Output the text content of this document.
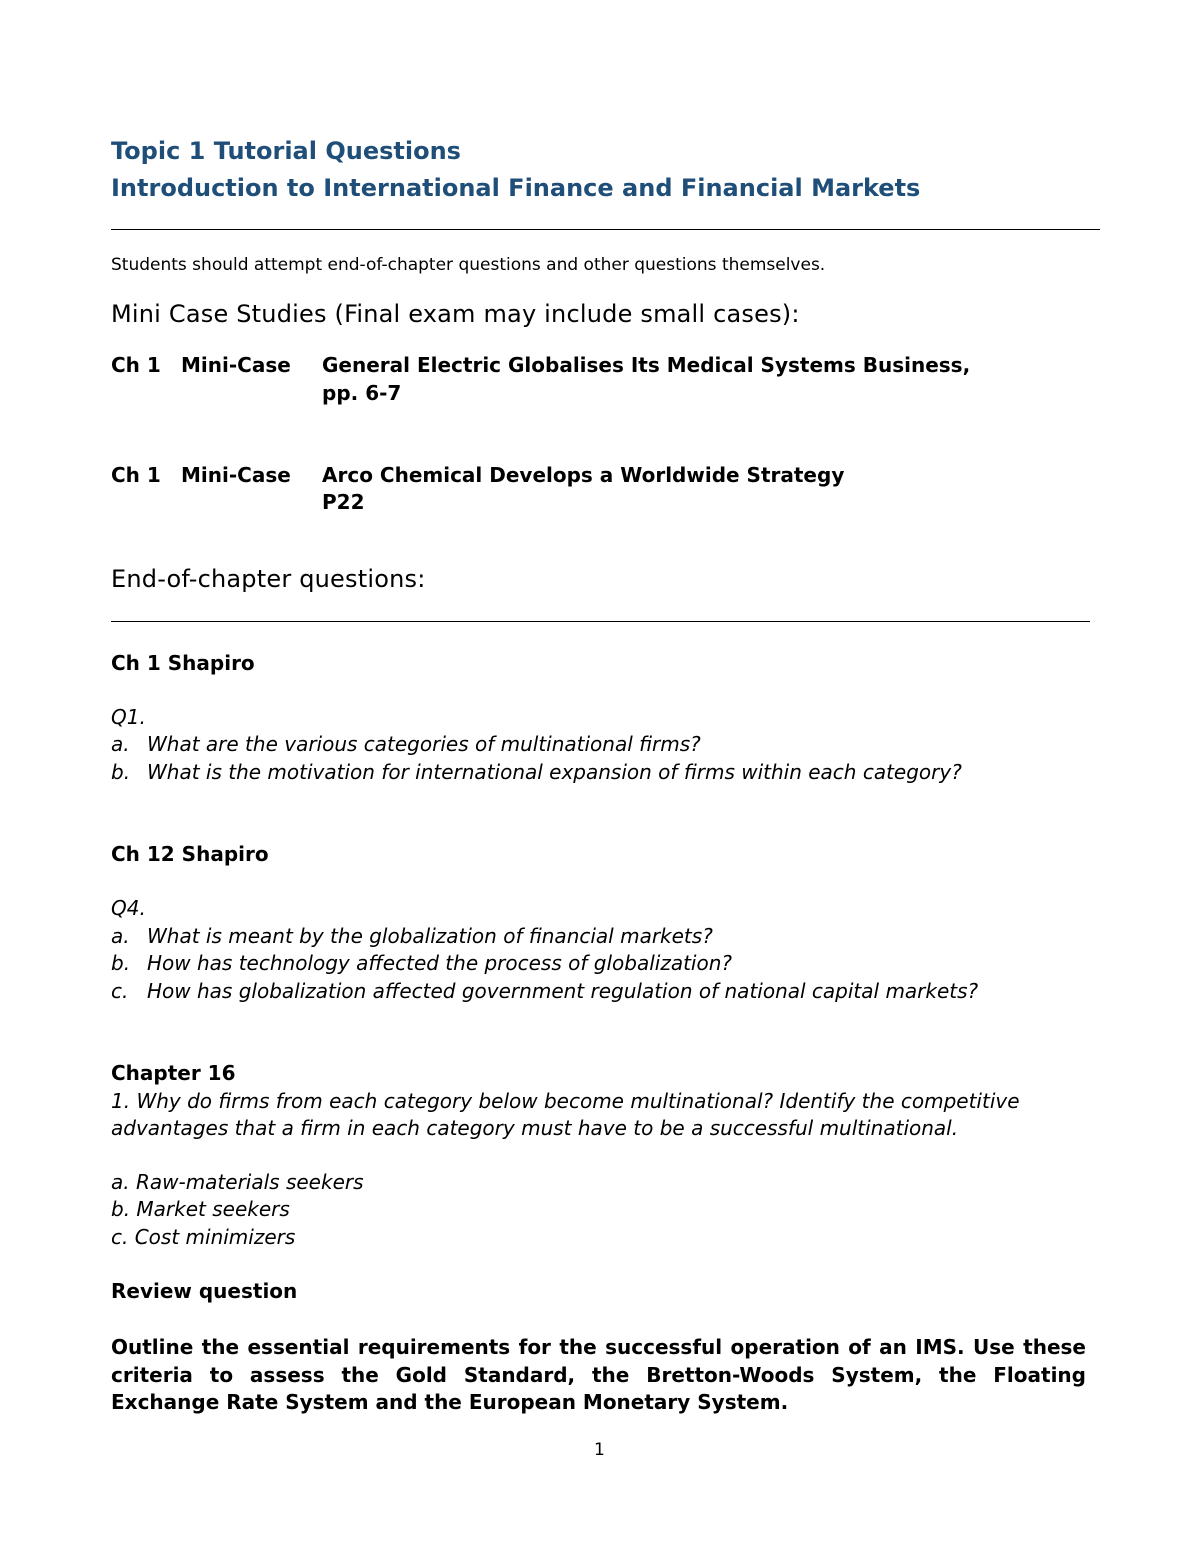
Topic 1 Tutorial Questions
Introduction to International Finance and Financial Markets
Students should attempt end-of-chapter questions and other questions themselves.
Mini Case Studies (Final exam may include small cases):
Ch 1 Mini-Case General Electric Globalises Its Medical Systems Business,
pp. 6-7
Ch 1 Mini-Case Arco Chemical Develops a Worldwide Strategy
P22
End-of-chapter questions:
Ch 1 Shapiro
Q1.
a. What are the various categories of multinational firms?
b. What is the motivation for international expansion of firms within each category?
Ch 12 Shapiro
Q4.
a. What is meant by the globalization of financial markets?
b. How has technology affected the process of globalization?
c. How has globalization affected government regulation of national capital markets?
Chapter 16
1. Why do firms from each category below become multinational? Identify the competitive advantages that a firm in each category must have to be a successful multinational.
a. Raw-materials seekers
b. Market seekers
c. Cost minimizers
Review question
Outline the essential requirements for the successful operation of an IMS. Use these criteria to assess the Gold Standard, the Bretton-Woods System, the Floating Exchange Rate System and the European Monetary System.
1
